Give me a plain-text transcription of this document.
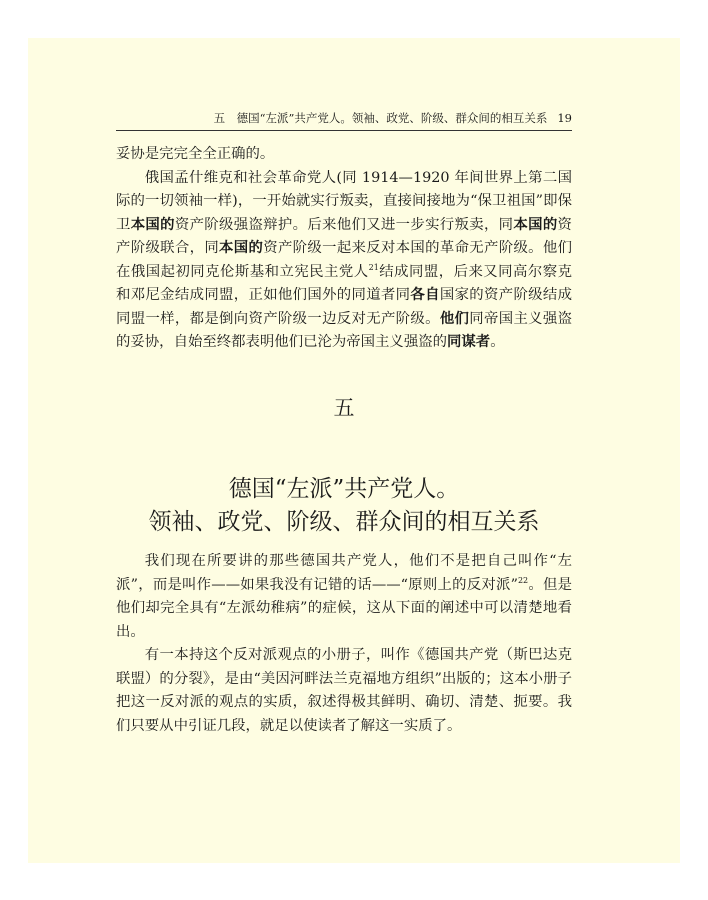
五　德国“左派”共产党人。领袖、政党、阶级、群众间的相互关系 19

妥协是完完全全正确的。

俄国孟什维克和社会革命党人(同 1914—1920 年间世界上第二国际的一切领袖一样)，一开始就实行叛卖，直接间接地为“保卫祖国”即保卫本国的资产阶级强盗辩护。后来他们又进一步实行叛卖，同本国的资产阶级联合，同本国的资产阶级一起来反对本国的革命无产阶级。他们在俄国起初同克伦斯基和立宪民主党人$^{21}$结成同盟，后来又同高尔察克和邓尼金结成同盟，正如他们国外的同道者同各自国家的资产阶级结成同盟一样，都是倒向资产阶级一边反对无产阶级。他们同帝国主义强盗的妥协，自始至终都表明他们已沦为帝国主义强盗的同谋者。

五
德国“左派”共产党人。
领袖、政党、阶级、群众间的相互关系

我们现在所要讲的那些德国共产党人，他们不是把自己叫作“左派”，而是叫作——如果我没有记错的话——“原则上的反对派”$^{22}$。但是他们却完全具有“左派幼稚病”的症候，这从下面的阐述中可以清楚地看出。

有一本持这个反对派观点的小册子，叫作《德国共产党（斯巴达克联盟）的分裂》，是由“美因河畔法兰克福地方组织”出版的；这本小册子把这一反对派的观点的实质，叙述得极其鲜明、确切、清楚、扼要。我们只要从中引证几段，就足以使读者了解这一实质了。
